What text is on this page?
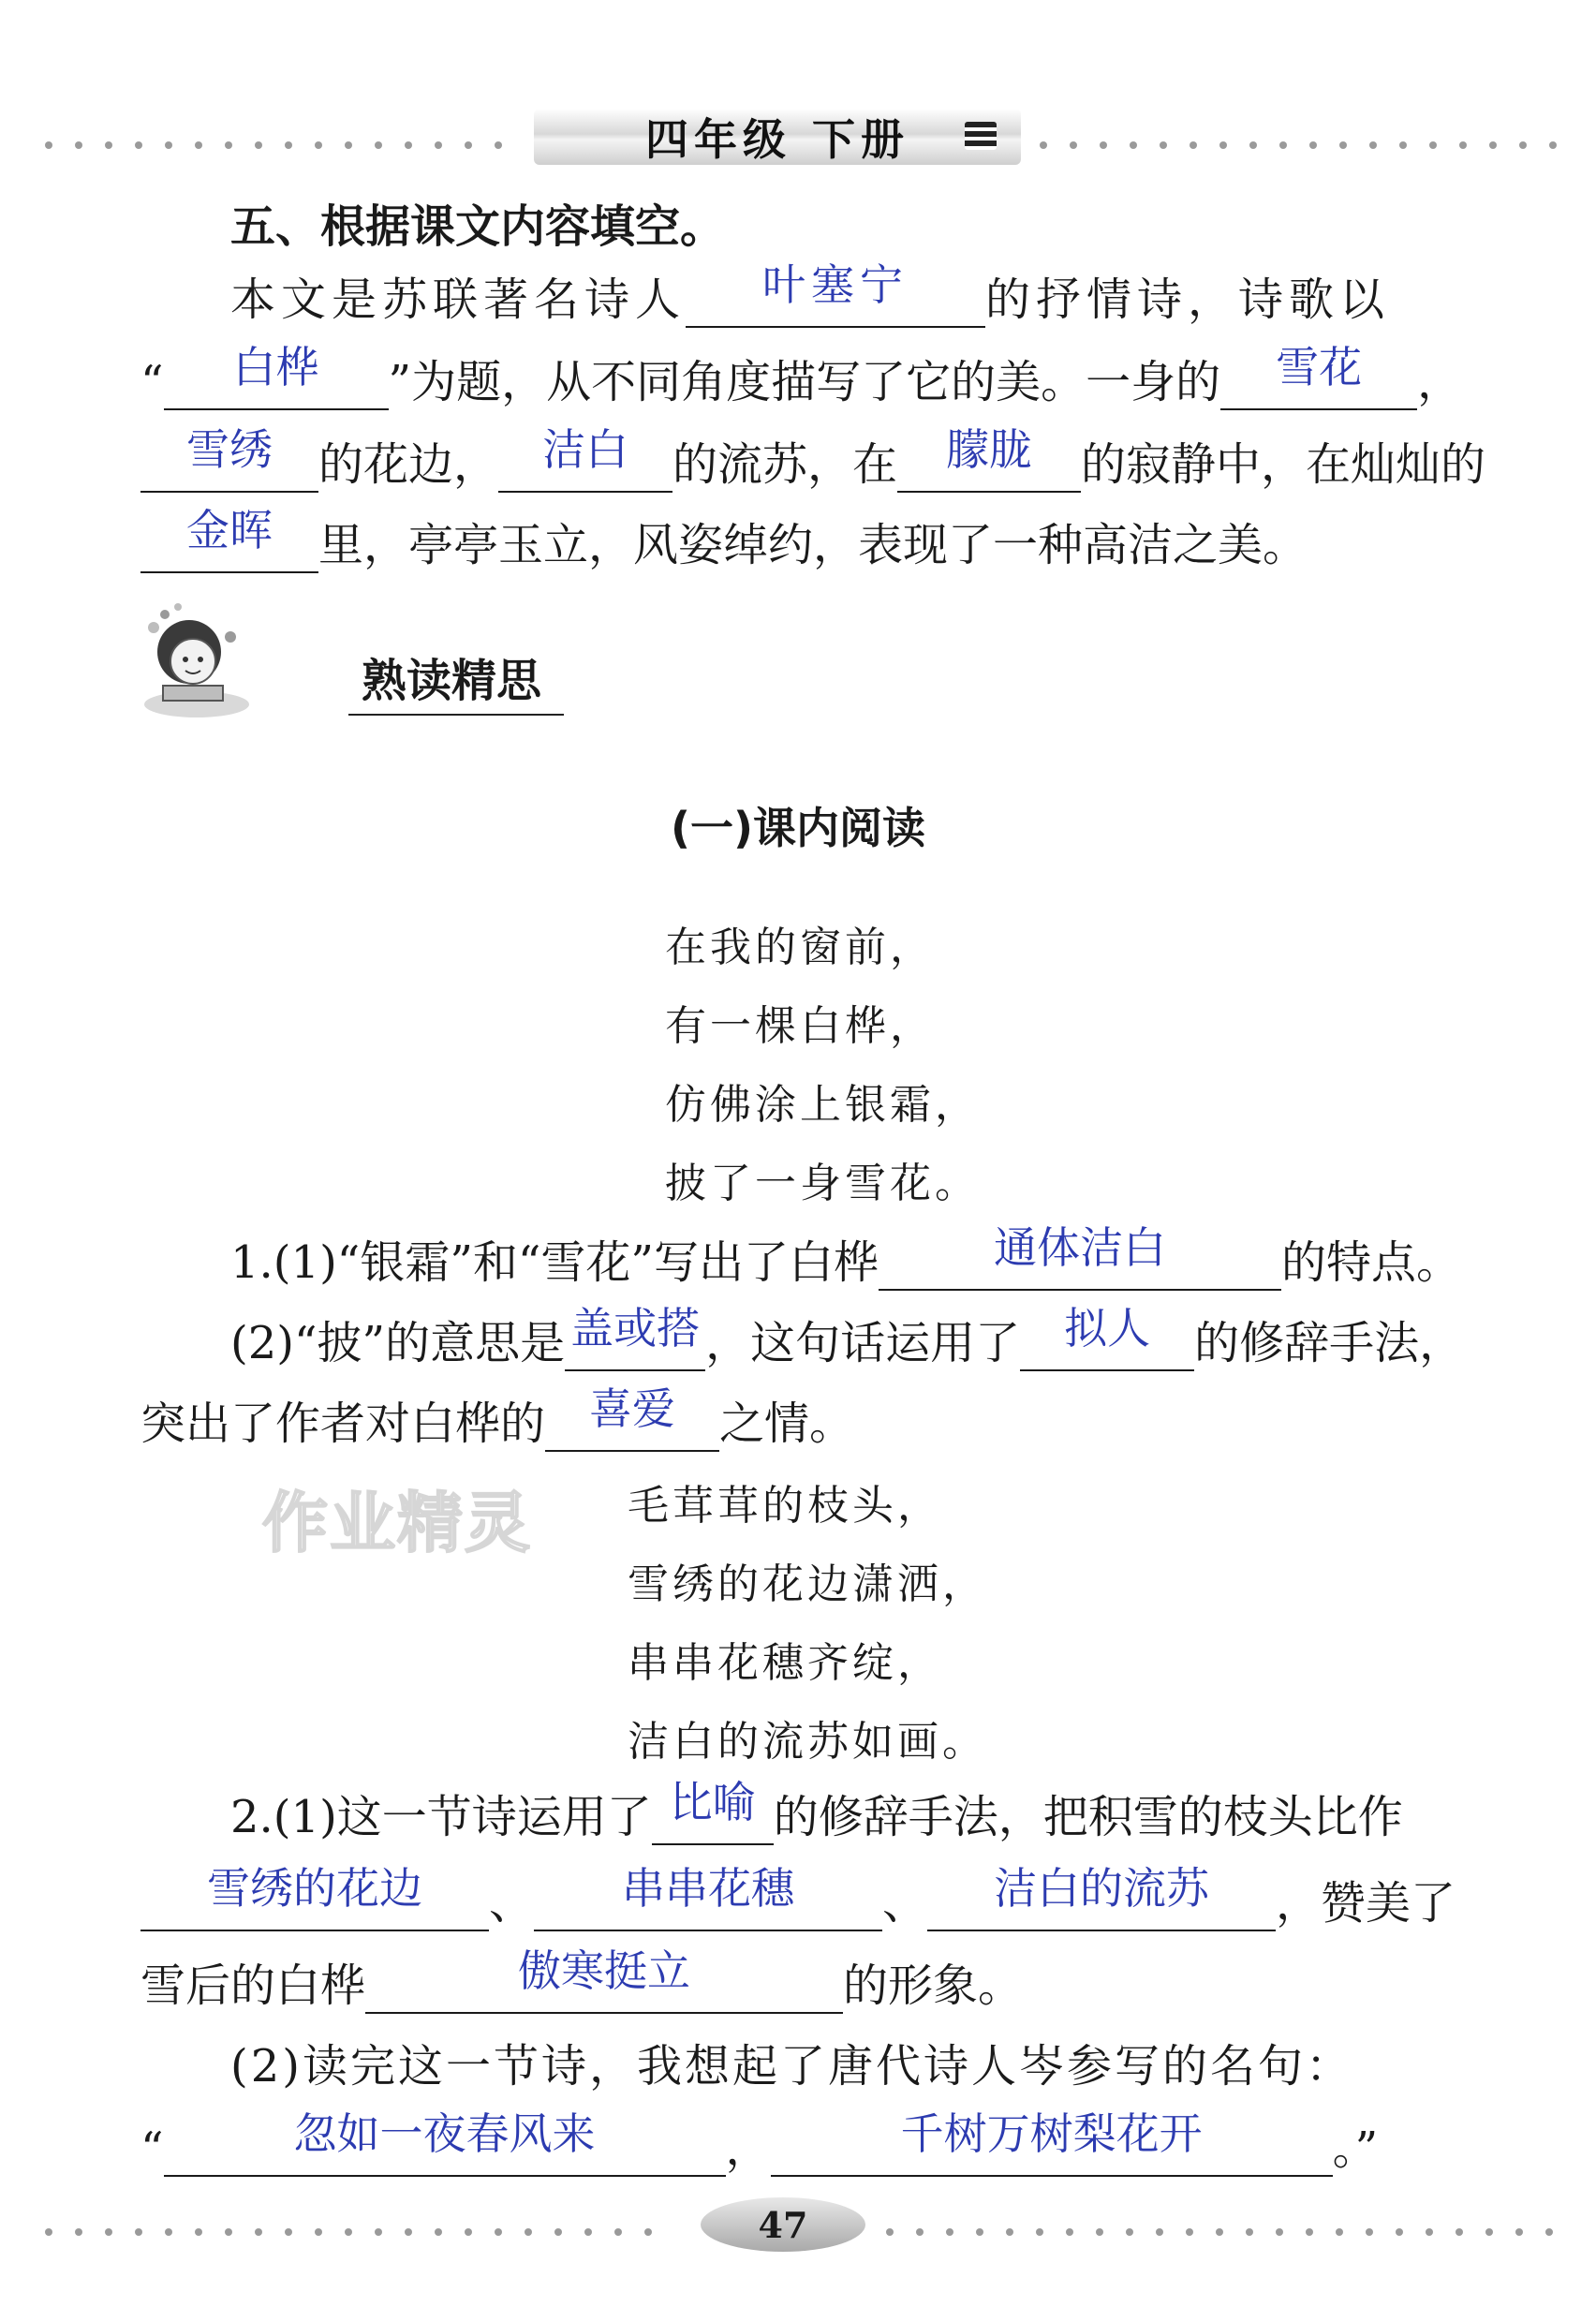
四年级 下册
五、根据课文内容填空。
本文是苏联著名诗人	叶塞宁	的抒情诗，诗歌以
“	白桦	”为题，从不同角度描写了它的美。一身的	雪花	，
雪绣	的花边，	洁白 的流苏，在	朦胧	的寂静中，在灿灿的
金晖	里，亭亭玉立，风姿绰约，表现了一种高洁之美。
熟读精思
(一)课内阅读
在我的窗前，
有一棵白桦，
仿佛涂上银霜，
披了一身雪花。
1.(1)“银霜”和“雪花”写出了白桦	通体洁白	的特点。
(2)“披”的意思是 盖或搭 ，这句话运用了	拟人 的修辞手法，
突出了作者对白桦的	喜爱 之情。
作业精灵 毛茸茸的枝头，
雪绣的花边潇洒，
串串花穗齐绽，
洁白的流苏如画。
2.(1)这一节诗运用了 比喻 的修辞手法，把积雪的枝头比作
雪绣的花边	、	串串花穗	、	洁白的流苏	，赞美了
雪后的白桦	傲寒挺立	的形象。
(2)读完这一节诗，我想起了唐代诗人岑参写的名句：
“	忽如一夜春风来	，	千树万树梨花开	。”
47
